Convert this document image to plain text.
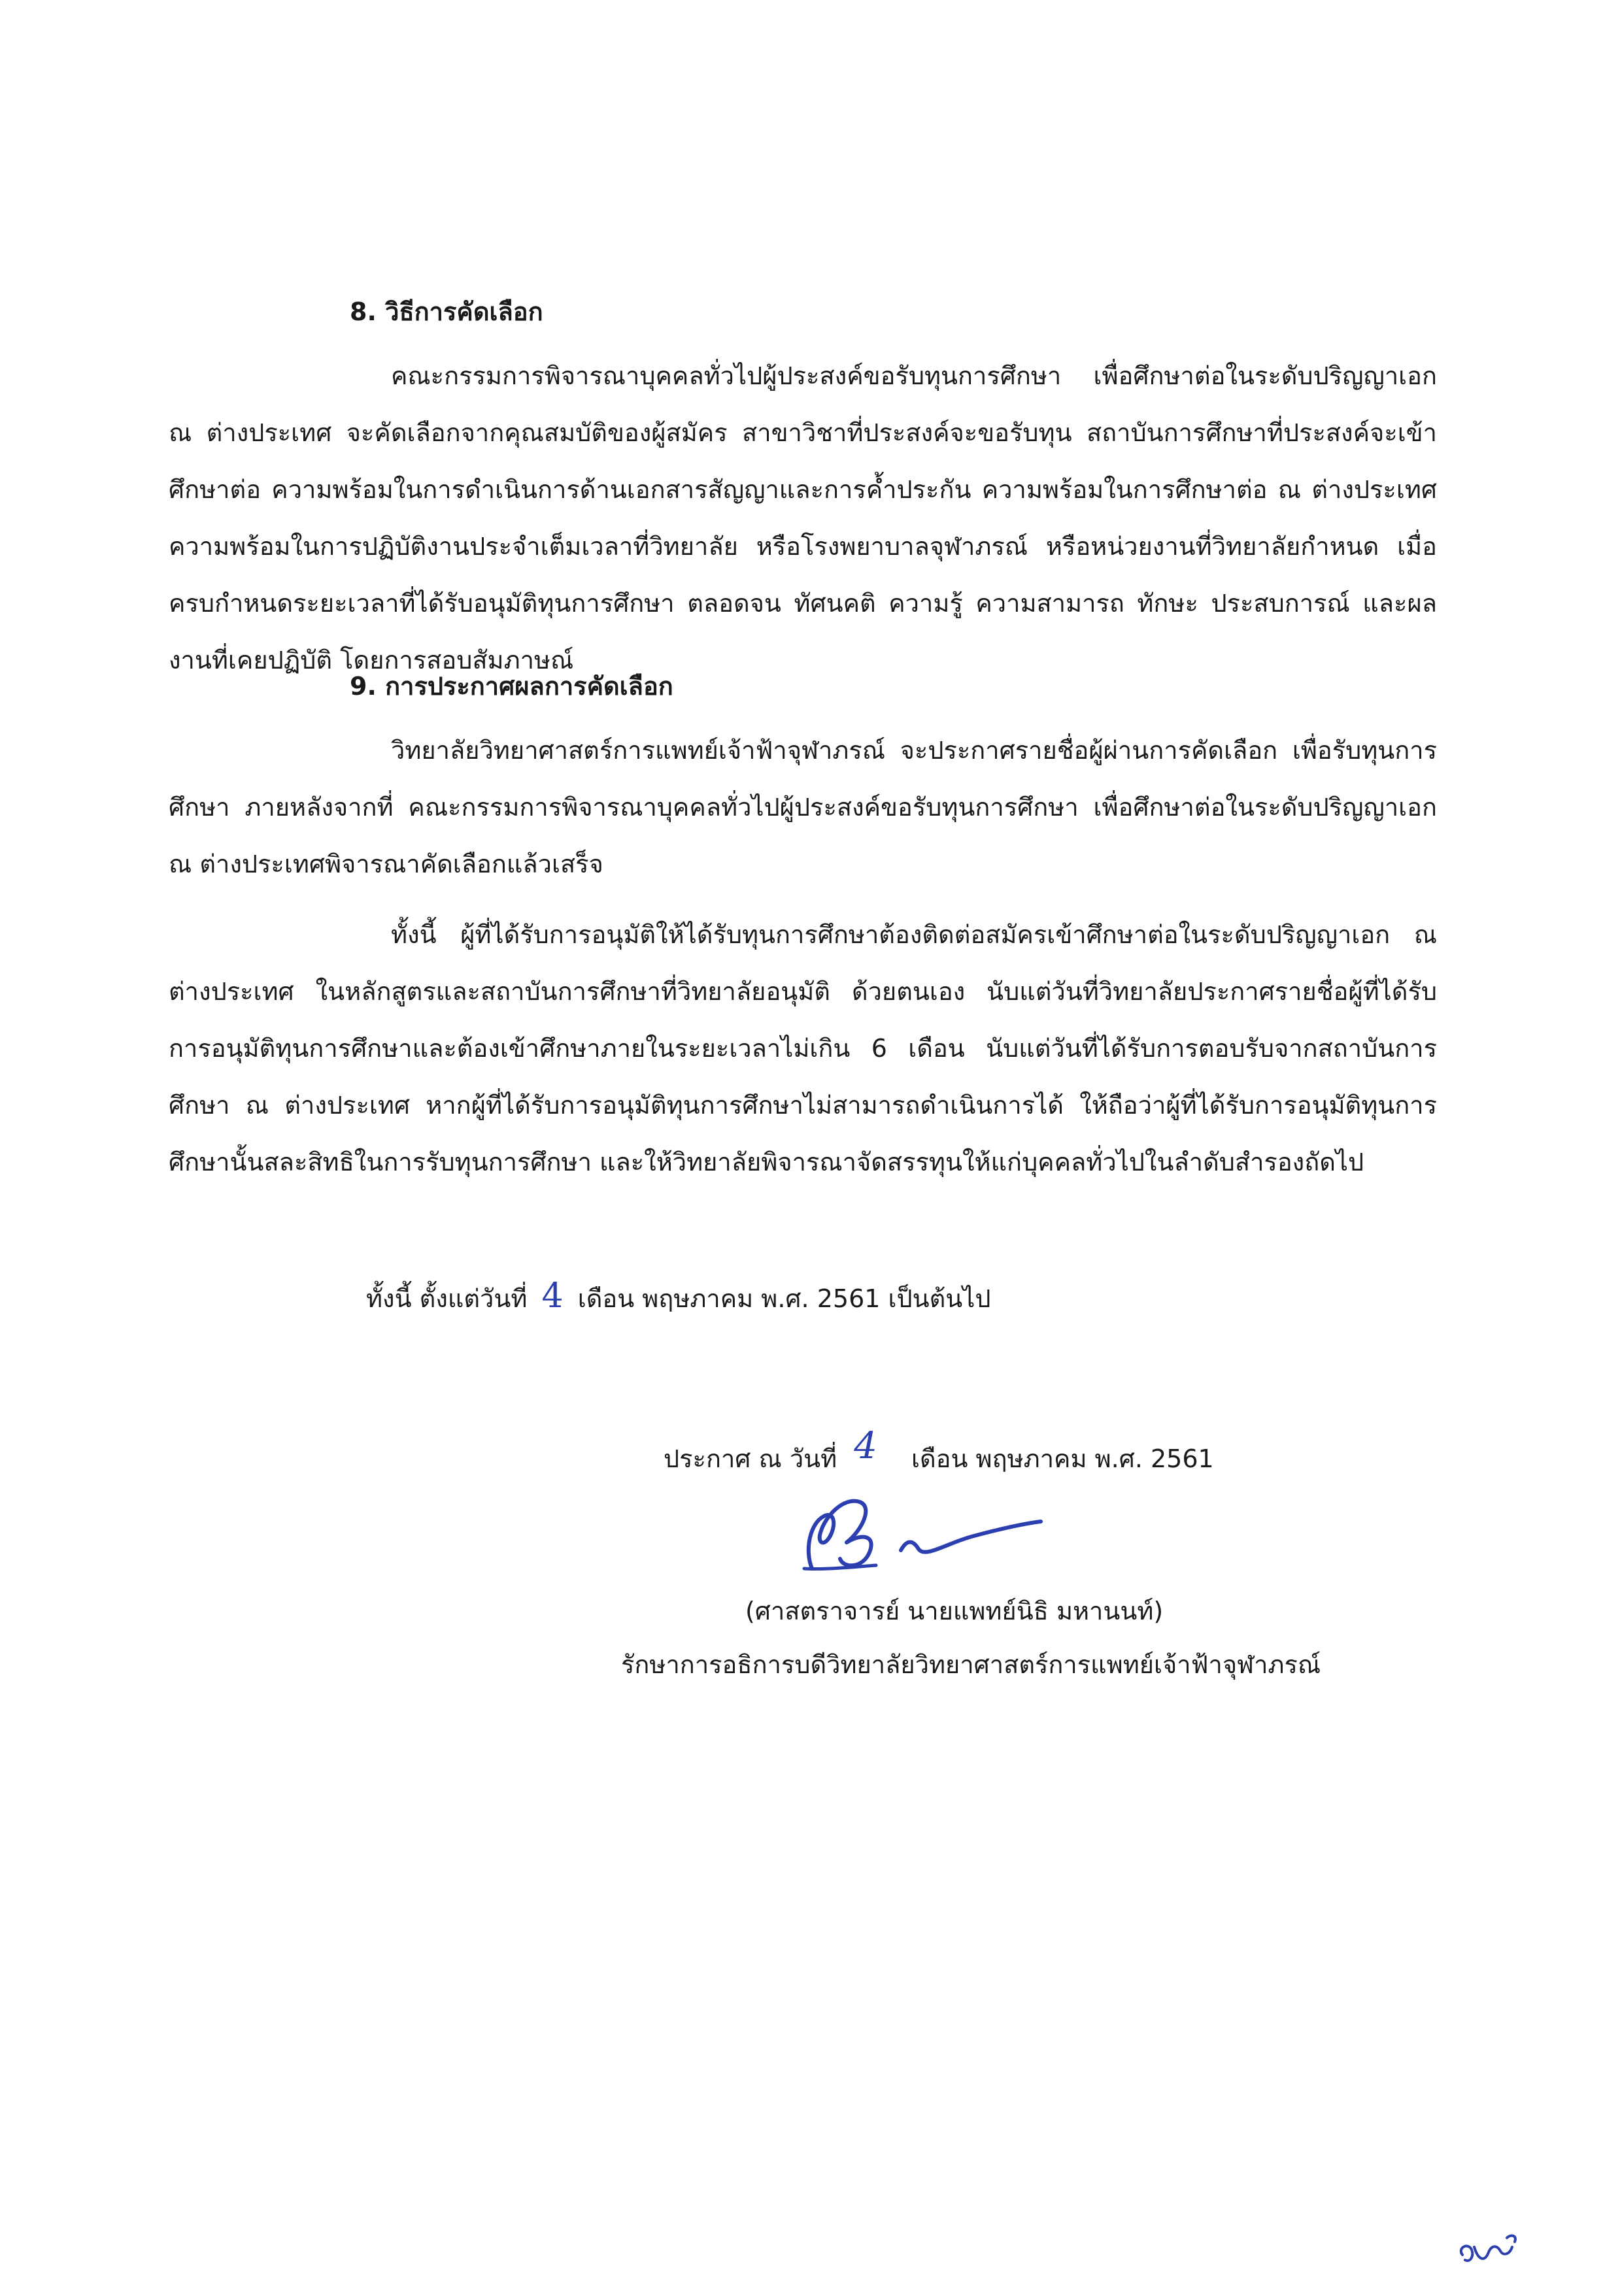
8. วิธีการคัดเลือก
คณะกรรมการพิจารณาบุคคลทั่วไปผู้ประสงค์ขอรับทุนการศึกษา เพื่อศึกษาต่อในระดับปริญญาเอก ณ ต่างประเทศ จะคัดเลือกจากคุณสมบัติของผู้สมัคร สาขาวิชาที่ประสงค์จะขอรับทุน สถาบันการศึกษาที่ประสงค์จะเข้าศึกษาต่อ ความพร้อมในการดำเนินการด้านเอกสารสัญญาและการค้ำประกัน ความพร้อมในการศึกษาต่อ ณ ต่างประเทศ ความพร้อมในการปฏิบัติงานประจำเต็มเวลาที่วิทยาลัย หรือโรงพยาบาลจุฬาภรณ์ หรือหน่วยงานที่วิทยาลัยกำหนด เมื่อครบกำหนดระยะเวลาที่ได้รับอนุมัติทุนการศึกษา ตลอดจน ทัศนคติ ความรู้ ความสามารถ ทักษะ ประสบการณ์ และผลงานที่เคยปฏิบัติ โดยการสอบสัมภาษณ์
9. การประกาศผลการคัดเลือก
วิทยาลัยวิทยาศาสตร์การแพทย์เจ้าฟ้าจุฬาภรณ์ จะประกาศรายชื่อผู้ผ่านการคัดเลือก เพื่อรับทุนการศึกษา ภายหลังจากที่ คณะกรรมการพิจารณาบุคคลทั่วไปผู้ประสงค์ขอรับทุนการศึกษา เพื่อศึกษาต่อในระดับปริญญาเอก ณ ต่างประเทศพิจารณาคัดเลือกแล้วเสร็จ
ทั้งนี้ ผู้ที่ได้รับการอนุมัติให้ได้รับทุนการศึกษาต้องติดต่อสมัครเข้าศึกษาต่อในระดับปริญญาเอก ณ ต่างประเทศ ในหลักสูตรและสถาบันการศึกษาที่วิทยาลัยอนุมัติ ด้วยตนเอง นับแต่วันที่วิทยาลัยประกาศรายชื่อผู้ที่ได้รับการอนุมัติทุนการศึกษาและต้องเข้าศึกษาภายในระยะเวลาไม่เกิน 6 เดือน นับแต่วันที่ได้รับการตอบรับจากสถาบันการศึกษา ณ ต่างประเทศ หากผู้ที่ได้รับการอนุมัติทุนการศึกษาไม่สามารถดำเนินการได้ ให้ถือว่าผู้ที่ได้รับการอนุมัติทุนการศึกษานั้นสละสิทธิในการรับทุนการศึกษา และให้วิทยาลัยพิจารณาจัดสรรทุนให้แก่บุคคลทั่วไปในลำดับสำรองถัดไป
ทั้งนี้ ตั้งแต่วันที่ 4 เดือน พฤษภาคม พ.ศ. 2561 เป็นต้นไป
ประกาศ ณ วันที่ 4 เดือน พฤษภาคม พ.ศ. 2561
(ศาสตราจารย์ นายแพทย์นิธิ มหานนท์)
รักษาการอธิการบดีวิทยาลัยวิทยาศาสตร์การแพทย์เจ้าฟ้าจุฬาภรณ์
